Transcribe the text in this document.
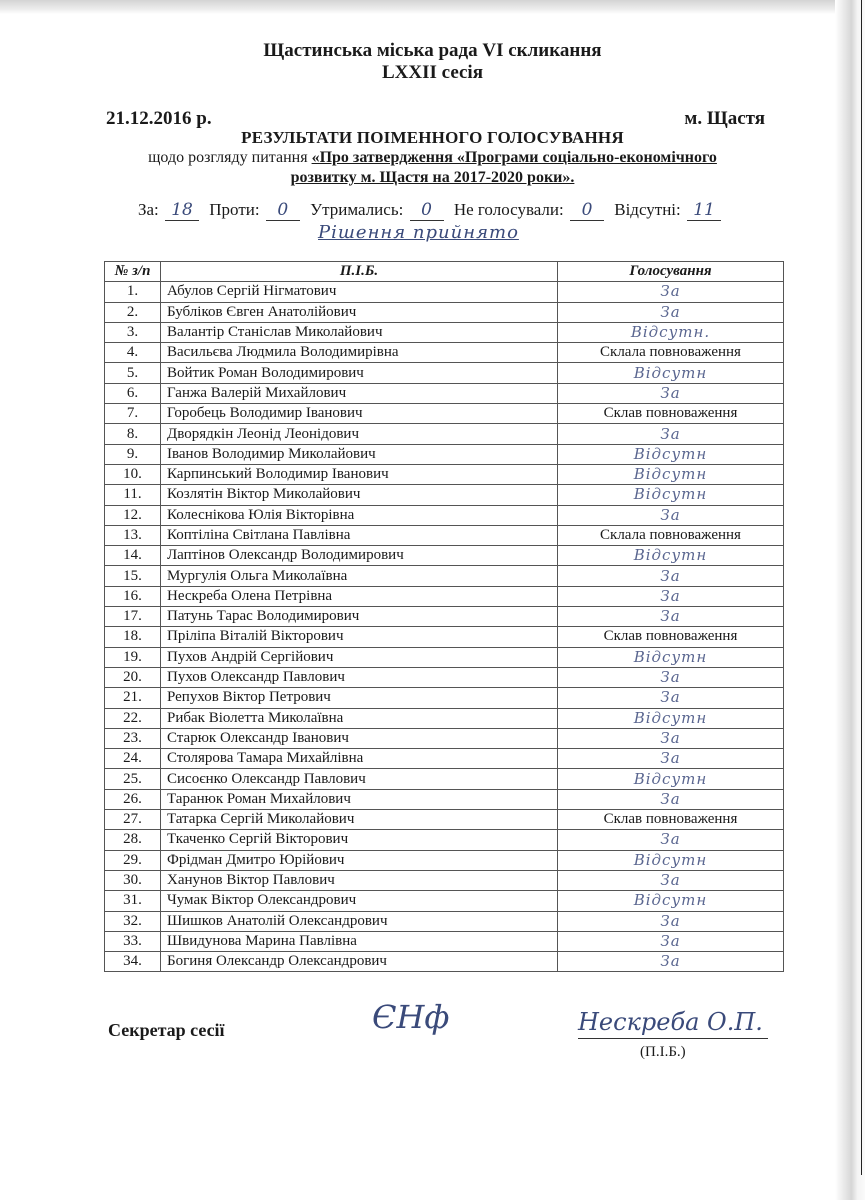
Щастинська міська рада VI скликання
LXXII сесія
21.12.2016 р.	м. Щастя
РЕЗУЛЬТАТИ ПОІМЕННОГО ГОЛОСУВАННЯ
щодо розгляду питання «Про затвердження «Програми соціально-економічного
розвитку м. Щастя на 2017-2020 роки».
За: 18 Проти: 0 Утримались: 0 Не голосували: 0 Відсутні: 11
Рішення прийнято
№ з/п	П.І.Б.	Голосування
1.	Абулов Сергій Нігматович	За
2.	Бубліков Євген Анатолійович	За
3.	Валантір Станіслав Миколайович	Відсутн.
4.	Васильєва Людмила Володимирівна	Склала повноваження
5.	Войтик Роман Володимирович	Відсутн
6.	Ганжа Валерій Михайлович	За
7.	Горобець Володимир Іванович	Склав повноваження
8.	Дворядкін Леонід Леонідович	За
9.	Іванов Володимир Миколайович	Відсутн
10.	Карпинський Володимир Іванович	Відсутн
11.	Козлятін Віктор Миколайович	Відсутн
12.	Колеснікова Юлія Вікторівна	За
13.	Коптіліна Світлана Павлівна	Склала повноваження
14.	Лаптінов Олександр Володимирович	Відсутн
15.	Мургулія Ольга Миколаївна	За
16.	Нескреба Олена Петрівна	За
17.	Патунь Тарас Володимирович	За
18.	Пріліпа Віталій Вікторович	Склав повноваження
19.	Пухов Андрій Сергійович	Відсутн
20.	Пухов Олександр Павлович	За
21.	Репухов Віктор Петрович	За
22.	Рибак Віолетта Миколаївна	Відсутн
23.	Старюк Олександр Іванович	За
24.	Столярова Тамара Михайлівна	За
25.	Сисоєнко Олександр Павлович	Відсутн
26.	Таранюк Роман Михайлович	За
27.	Татарка Сергій Миколайович	Склав повноваження
28.	Ткаченко Сергій Вікторович	За
29.	Фрідман Дмитро Юрійович	Відсутн
30.	Ханунов Віктор Павлович	За
31.	Чумак Віктор Олександрович	Відсутн
32.	Шишков Анатолій Олександрович	За
33.	Швидунова Марина Павлівна	За
34.	Богиня Олександр Олександрович	За
Секретар сесії	ЄНф	Нескреба О.П.
(П.І.Б.)
